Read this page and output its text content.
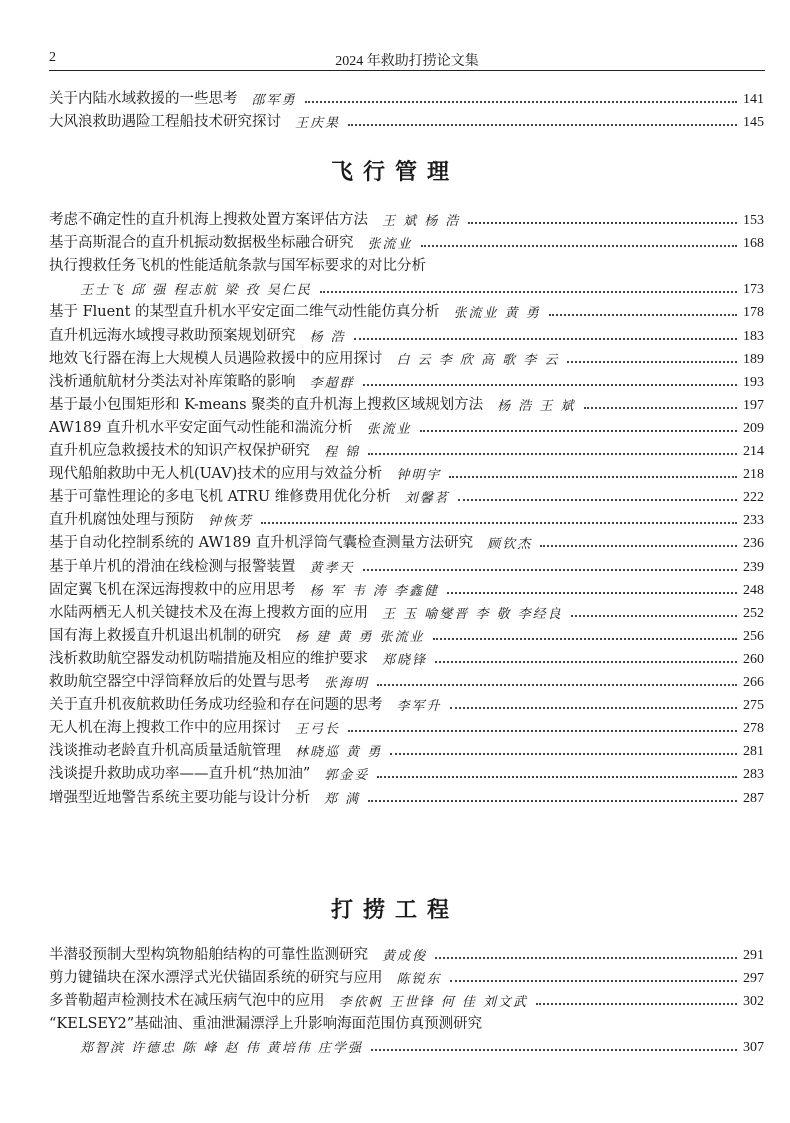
2	2024 年救助打捞论文集
关于内陆水域救援的一些思考 邵军勇	141
大风浪救助遇险工程船技术研究探讨 王庆果	145
飞行管理
考虑不确定性的直升机海上搜救处置方案评估方法 王 斌 杨 浩	153
基于高斯混合的直升机振动数据极坐标融合研究 张流业	168
执行搜救任务飞机的性能适航条款与国军标要求的对比分析
王士飞 邱 强 程志航 梁 孜 吴仁民	173
基于 Fluent 的某型直升机水平安定面二维气动性能仿真分析 张流业 黄 勇	178
直升机远海水域搜寻救助预案规划研究 杨 浩	183
地效飞行器在海上大规模人员遇险救援中的应用探讨 白 云 李 欣 高 歌 李 云	189
浅析通航航材分类法对补库策略的影响 李超群	193
基于最小包围矩形和 K-means 聚类的直升机海上搜救区域规划方法 杨 浩 王 斌	197
AW189 直升机水平安定面气动性能和湍流分析 张流业	209
直升机应急救援技术的知识产权保护研究 程 锦	214
现代船舶救助中无人机(UAV)技术的应用与效益分析 钟明宇	218
基于可靠性理论的多电飞机 ATRU 维修费用优化分析 刘馨茗	222
直升机腐蚀处理与预防 钟恢芳	233
基于自动化控制系统的 AW189 直升机浮筒气囊检查测量方法研究 顾钦杰	236
基于单片机的滑油在线检测与报警装置 黄孝天	239
固定翼飞机在深远海搜救中的应用思考 杨 军 韦 涛 李鑫健	248
水陆两栖无人机关键技术及在海上搜救方面的应用 王 玉 喻燮晋 李 敬 李经良	252
国有海上救援直升机退出机制的研究 杨 建 黄 勇 张流业	256
浅析救助航空器发动机防喘措施及相应的维护要求 郑晓锋	260
救助航空器空中浮筒释放后的处置与思考 张海明	266
关于直升机夜航救助任务成功经验和存在问题的思考 李军升	275
无人机在海上搜救工作中的应用探讨 王弓长	278
浅谈推动老龄直升机高质量适航管理 林晓巡 黄 勇	281
浅谈提升救助成功率——直升机“热加油” 郭金妥	283
增强型近地警告系统主要功能与设计分析 郑 满	287
打捞工程
半潜驳预制大型构筑物船舶结构的可靠性监测研究 黄成俊	291
剪力键锚块在深水漂浮式光伏锚固系统的研究与应用 陈锐东	297
多普勒超声检测技术在减压病气泡中的应用 李依帆 王世锋 何 佳 刘文武	302
“KELSEY2”基础油、重油泄漏漂浮上升影响海面范围仿真预测研究
郑智滨 许德忠 陈 峰 赵 伟 黄培伟 庄学强	307
